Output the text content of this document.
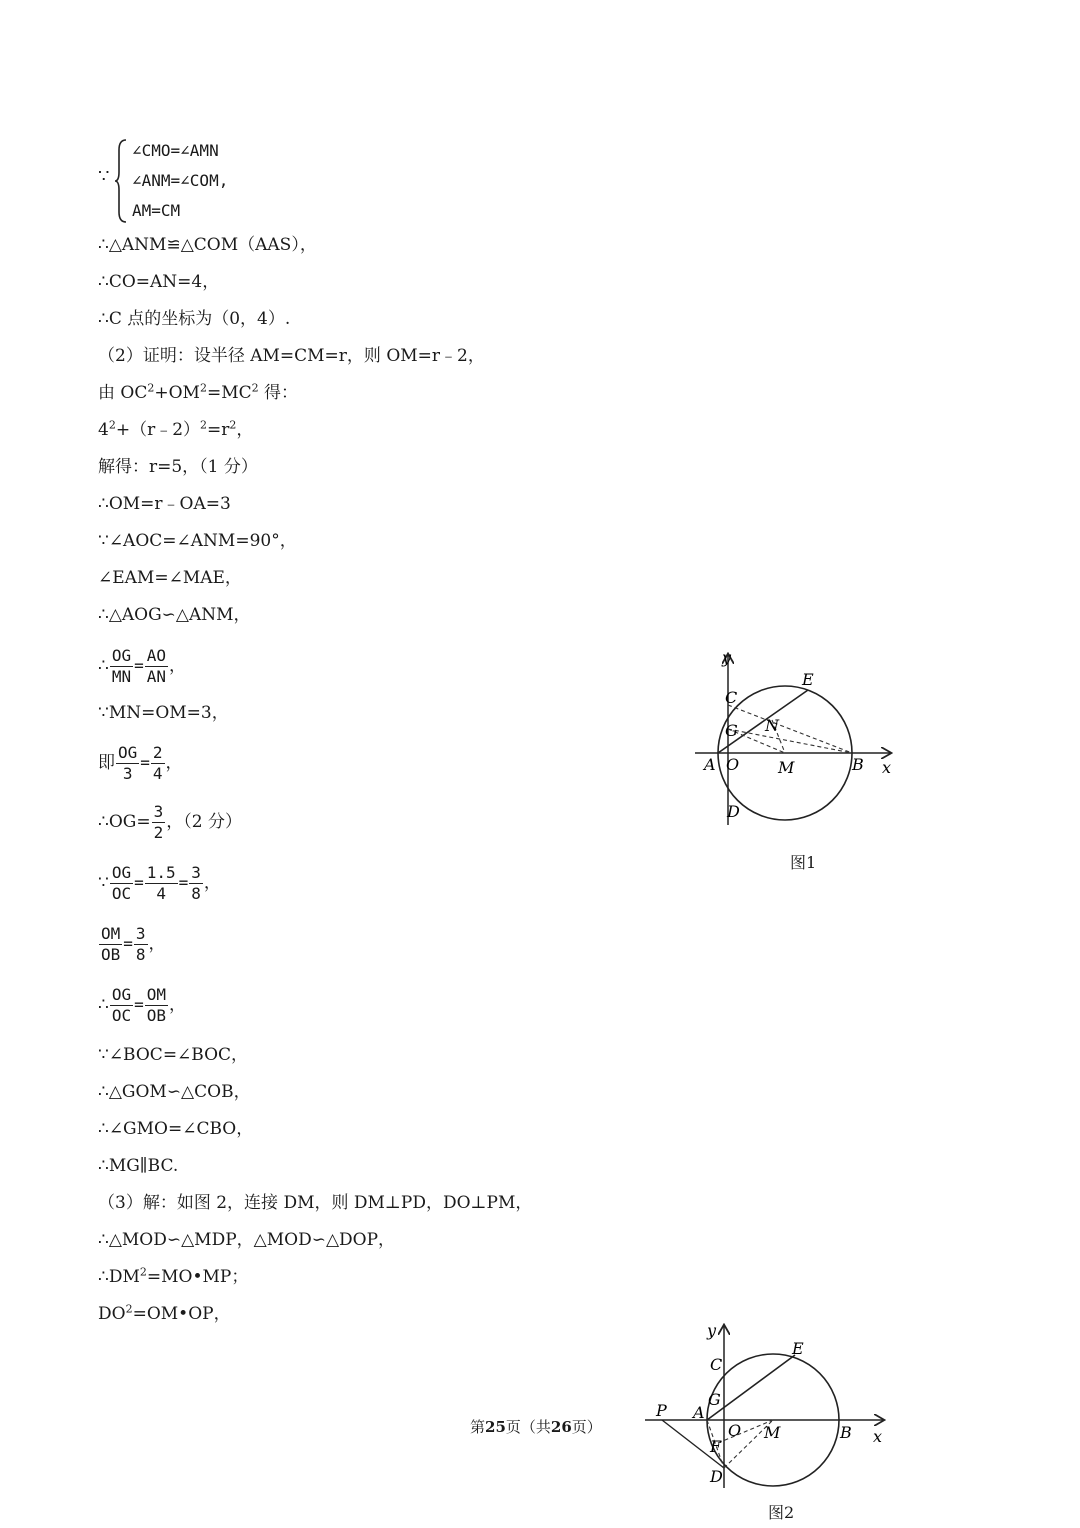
∵
∠CMO=∠AMN
∠ANM=∠COM,
AM=CM
∴△ANM≌△COM（AAS），
∴CO=AN=4，
∴C 点的坐标为（0，4）.
（2）证明：设半径 AM=CM=r，则 OM=r﹣2，
由 $OC^2+OM^2=MC^2$ 得：
$4^2+(r﹣2)^2=r^2$，
解得：r=5，（1 分）
∴OM=r﹣OA=3
∵∠AOC=∠ANM=90°，
∠EAM=∠MAE，
∴△AOG∽△ANM，
∴ $\frac{OG}{MN} = \frac{AO}{AN}$ ，
∵MN=OM=3，
即 $\frac{OG}{3} = \frac{2}{4}$ ，
∴OG= $\frac{3}{2}$ ，（2 分）
∵ $\frac{OG}{OC} = \frac{1.5}{4} = \frac{3}{8}$ ，
$\frac{OM}{OB} = \frac{3}{8}$ ，
∴ $\frac{OG}{OC} = \frac{OM}{OB}$ ，
∵∠BOC=∠BOC，
∴△GOM∽△COB，
∴∠GMO=∠CBO，
∴MG∥BC.
（3）解：如图 2，连接 DM，则 DM⊥PD，DO⊥PM，
∴△MOD∽△MDP，△MOD∽△DOP，
$\therefore DM^2=MO•MP$；
$DO^2=OM•OP$，
y
x
C
E
G N
A O M	B
D
图1
y
x
C
E
G
P A
O M	B
F
D
图2
第25页（共26页）
